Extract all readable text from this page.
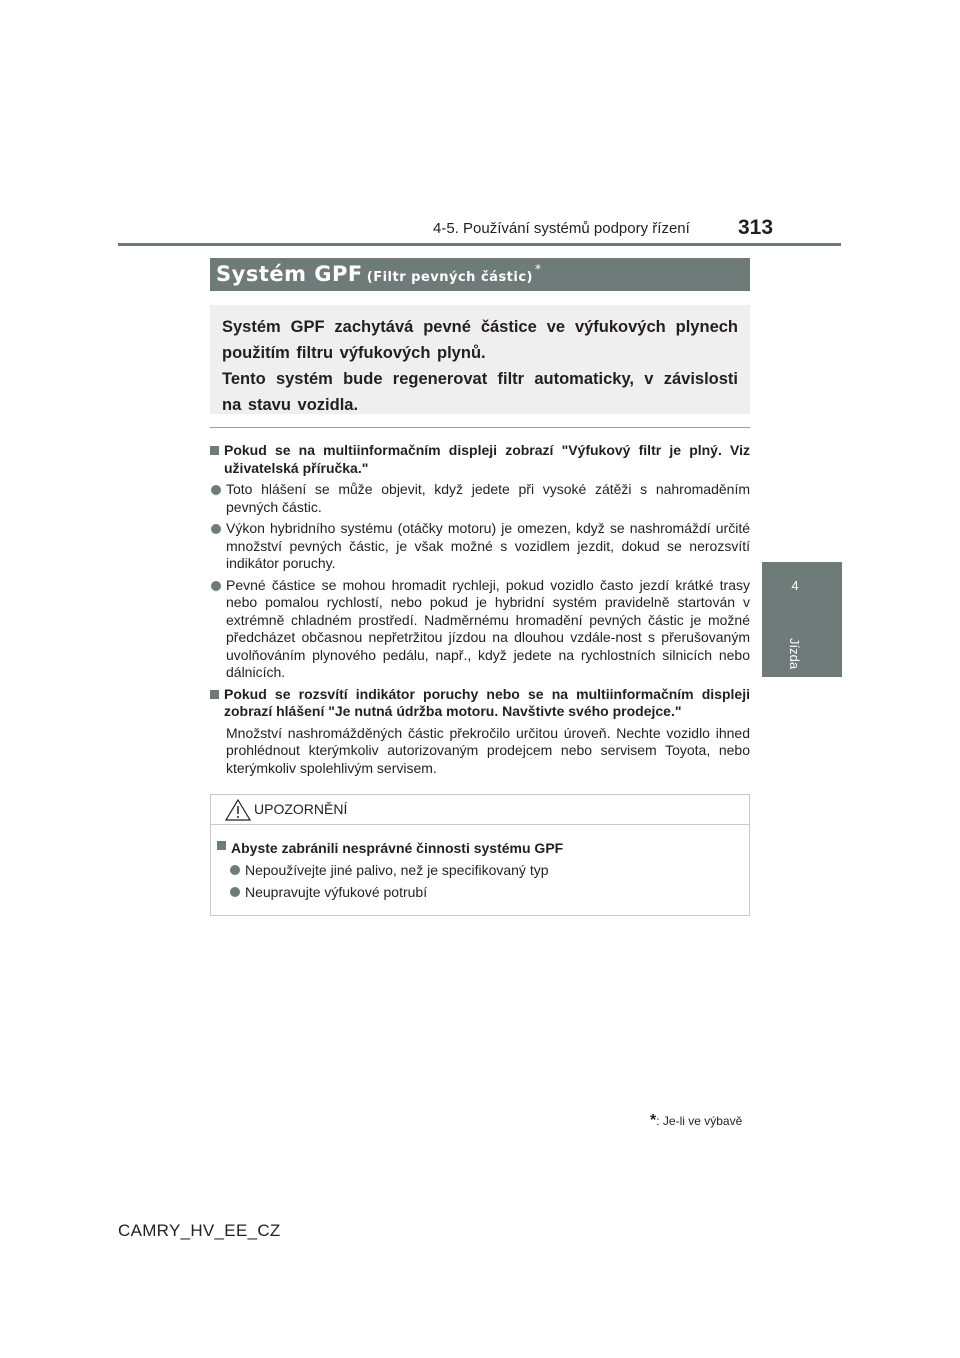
4-5. Používání systémů podpory řízení 313
4
Jízda
Systém GPF (Filtr pevných částic)*

Systém GPF zachytává pevné částice ve výfukových plynech použitím filtru výfukových plynů.

Tento systém bude regenerovat filtr automaticky, v závislosti na stavu vozidla.

Pokud se na multiinformačním displeji zobrazí "Výfukový filtr je plný. Viz uživatelská příručka."
Toto hlášení se může objevit, když jedete při vysoké zátěži s nahromaděním pevných částic.
Výkon hybridního systému (otáčky motoru) je omezen, když se nashromáždí určité množství pevných částic, je však možné s vozidlem jezdit, dokud se nerozsvítí indikátor poruchy.
Pevné částice se mohou hromadit rychleji, pokud vozidlo často jezdí krátké trasy nebo pomalou rychlostí, nebo pokud je hybridní systém pravidelně startován v extrémně chladném prostředí. Nadměrnému hromadění pevných částic je možné předcházet občasnou nepřetržitou jízdou na dlouhou vzdále-nost s přerušovaným uvolňováním plynového pedálu, např., když jedete na rychlostních silnicích nebo dálnicích.
Pokud se rozsvítí indikátor poruchy nebo se na multiinformačním displeji zobrazí hlášení "Je nutná údržba motoru. Navštivte svého prodejce."
Množství nashromážděných částic překročilo určitou úroveň. Nechte vozidlo ihned prohlédnout kterýmkoliv autorizovaným prodejcem nebo servisem Toyota, nebo kterýmkoliv spolehlivým servisem.
UPOZORNĚNÍ
Abyste zabránili nesprávné činnosti systému GPF
Nepoužívejte jiné palivo, než je specifikovaný typ
Neupravujte výfukové potrubí
*: Je-li ve výbavě
CAMRY_HV_EE_CZ
